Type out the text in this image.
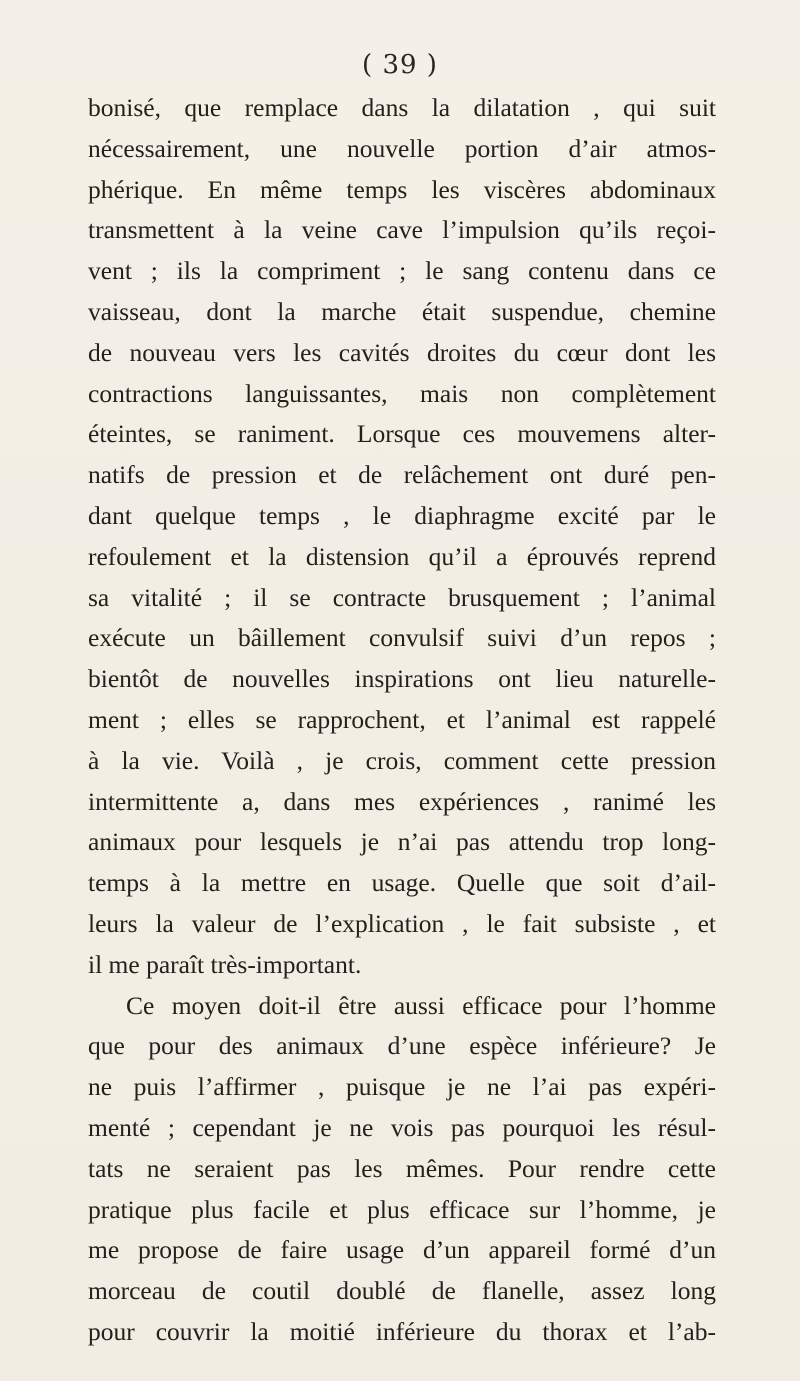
( 39 )
bonisé, que remplace dans la dilatation , qui suit
nécessairement, une nouvelle portion d’air atmos-
phérique. En même temps les viscères abdominaux
transmettent à la veine cave l’impulsion qu’ils reçoi-
vent ; ils la compriment ; le sang contenu dans ce
vaisseau, dont la marche était suspendue, chemine
de nouveau vers les cavités droites du cœur dont les
contractions languissantes, mais non complètement
éteintes, se raniment. Lorsque ces mouvemens alter-
natifs de pression et de relâchement ont duré pen-
dant quelque temps , le diaphragme excité par le
refoulement et la distension qu’il a éprouvés reprend
sa vitalité ; il se contracte brusquement ; l’animal
exécute un bâillement convulsif suivi d’un repos ;
bientôt de nouvelles inspirations ont lieu naturelle-
ment ; elles se rapprochent, et l’animal est rappelé
à la vie. Voilà , je crois, comment cette pression
intermittente a, dans mes expériences , ranimé les
animaux pour lesquels je n’ai pas attendu trop long-
temps à la mettre en usage. Quelle que soit d’ail-
leurs la valeur de l’explication , le fait subsiste , et
il me paraît très-important.
Ce moyen doit-il être aussi efficace pour l’homme
que pour des animaux d’une espèce inférieure? Je
ne puis l’affirmer , puisque je ne l’ai pas expéri-
menté ; cependant je ne vois pas pourquoi les résul-
tats ne seraient pas les mêmes. Pour rendre cette
pratique plus facile et plus efficace sur l’homme, je
me propose de faire usage d’un appareil formé d’un
morceau de coutil doublé de flanelle, assez long
pour couvrir la moitié inférieure du thorax et l’ab-
